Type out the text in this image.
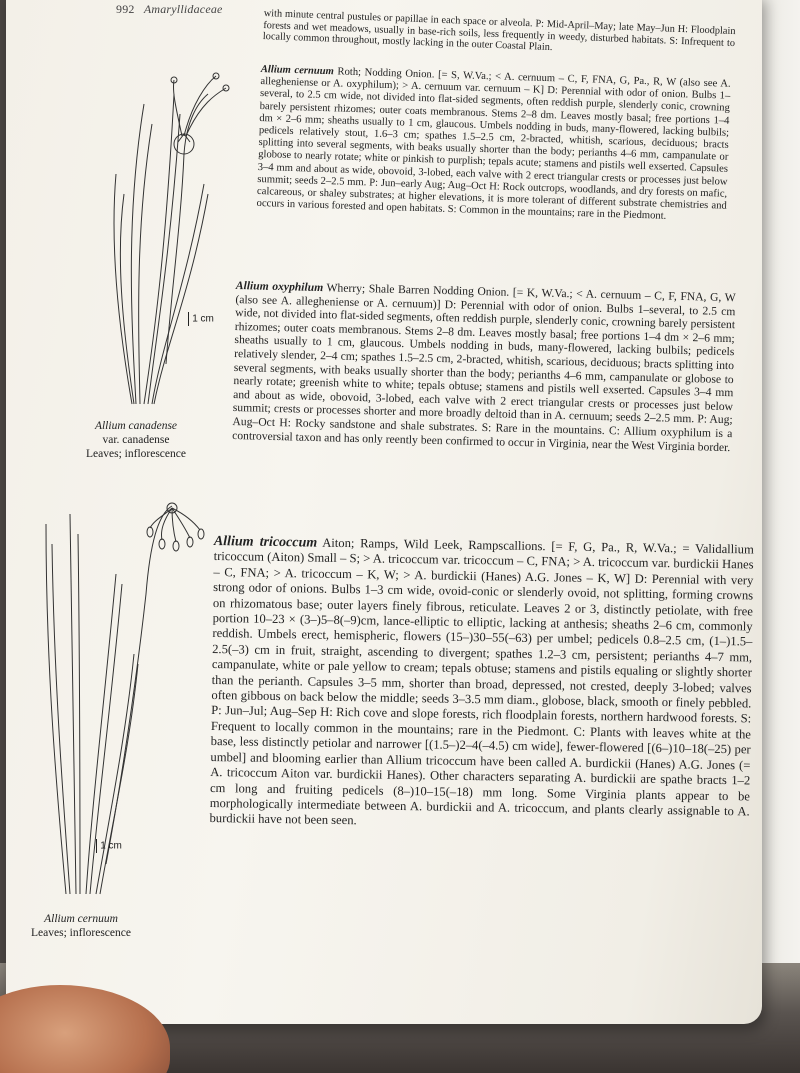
992 Amaryllidaceae	with minute central pustules or papillae in each space or alveola. P: Mid-April–May; late May–Jun H: Floodplain forests and wet meadows, usually in base-rich soils, less frequently in weedy, disturbed habitats. S: Infrequent to locally common throughout, mostly lacking in the outer Coastal Plain.

Allium cernuum Roth; Nodding Onion. [= S, W.Va.; < A. cernuum – C, F, FNA, G, Pa., R, W (also see A. allegheniense or A. oxyphilum); > A. cernuum var. cernuum – K] D: Perennial with odor of onion. Bulbs 1–several, to 2.5 cm wide, not divided into flat-sided segments, often reddish purple, slenderly conic, crowning barely persistent rhizomes; outer coats membranous. Stems 2–8 dm. Leaves mostly basal; free portions 1–4 dm × 2–6 mm; sheaths usually to 1 cm, glaucous. Umbels nodding in buds, many-flowered, lacking bulbils; pedicels relatively stout, 1.6–3 cm; spathes 1.5–2.5 cm, 2-bracted, whitish, scarious, deciduous; bracts splitting into several segments, with beaks usually shorter than the body; perianths 4–6 mm, campanulate or globose to nearly rotate; white or pinkish to purplish; tepals acute; stamens and pistils well exserted. Capsules 3–4 mm and about as wide, obovoid, 3-lobed, each valve with 2 erect triangular crests or processes just below summit; seeds 2–2.5 mm. P: Jun–early Aug; Aug–Oct H: Rock outcrops, woodlands, and dry forests on mafic, calcareous, or shaley substrates; at higher elevations, it is more tolerant of different substrate chemistries and occurs in various forested and open habitats. S: Common in the mountains; rare in the Piedmont.

Allium oxyphilum Wherry; Shale Barren Nodding Onion. [= K, W.Va.; < A. cernuum – C, F, FNA, G, W (also see A. allegheniense or A. cernuum)] D: Perennial with odor of onion. Bulbs 1–several, to 2.5 cm wide, not divided into flat-sided segments, often reddish purple, slenderly conic, crowning barely persistent rhizomes; outer coats membranous. Stems 2–8 dm. Leaves mostly basal; free portions 1–4 dm × 2–6 mm; sheaths usually to 1 cm, glaucous. Umbels nodding in buds, many-flowered, lacking bulbils; pedicels relatively slender, 2–4 cm; spathes 1.5–2.5 cm, 2-bracted, whitish, scarious, deciduous; bracts splitting into several segments, with beaks usually shorter than the body; perianths 4–6 mm, campanulate or globose to nearly rotate; greenish white to white; tepals obtuse; stamens and pistils well exserted. Capsules 3–4 mm and about as wide, obovoid, 3-lobed, each valve with 2 erect triangular crests or processes just below summit; crests or processes shorter and more broadly deltoid than in A. cernuum; seeds 2–2.5 mm. P: Aug; Aug–Oct H: Rocky sandstone and shale substrates. S: Rare in the mountains. C: Allium oxyphilum is a controversial taxon and has only reently been confirmed to occur in Virginia, near the West Virginia border.

Allium tricoccum Aiton; Ramps, Wild Leek, Rampscallions. [= F, G, Pa., R, W.Va.; = Validallium tricoccum (Aiton) Small – S; > A. tricoccum var. tricoccum – C, FNA; > A. tricoccum var. burdickii Hanes – C, FNA; > A. tricoccum – K, W; > A. burdickii (Hanes) A.G. Jones – K, W] D: Perennial with very strong odor of onions. Bulbs 1–3 cm wide, ovoid-conic or slenderly ovoid, not splitting, forming crowns on rhizomatous base; outer layers finely fibrous, reticulate. Leaves 2 or 3, distinctly petiolate, with free portion 10–23 × (3–)5–8(–9)cm, lance-elliptic to elliptic, lacking at anthesis; sheaths 2–6 cm, commonly reddish. Umbels erect, hemispheric, flowers (15–)30–55(–63) per umbel; pedicels 0.8–2.5 cm, (1–)1.5–2.5(–3) cm in fruit, straight, ascending to divergent; spathes 1.2–3 cm, persistent; perianths 4–7 mm, campanulate, white or pale yellow to cream; tepals obtuse; stamens and pistils equaling or slightly shorter than the perianth. Capsules 3–5 mm, shorter than broad, depressed, not crested, deeply 3-lobed; valves often gibbous on back below the middle; seeds 3–3.5 mm diam., globose, black, smooth or finely pebbled. P: Jun–Jul; Aug–Sep H: Rich cove and slope forests, rich floodplain forests, northern hardwood forests. S: Frequent to locally common in the mountains; rare in the Piedmont. C: Plants with leaves white at the base, less distinctly petiolar and narrower [(1.5–)2–4(–4.5) cm wide], fewer-flowered [(6–)10–18(–25) per umbel] and blooming earlier than Allium tricoccum have been called A. burdickii (Hanes) A.G. Jones (= A. tricoccum Aiton var. burdickii Hanes). Other characters separating A. burdickii are spathe bracts 1–2 cm long and fruiting pedicels (8–)10–15(–18) mm long. Some Virginia plants appear to be morphologically intermediate between A. burdickii and A. tricoccum, and plants clearly assignable to A. burdickii have not been seen.

1 cm
Allium canadense
var. canadense
Leaves; inflorescence
1 cm
Allium cernuum
Leaves; inflorescence
